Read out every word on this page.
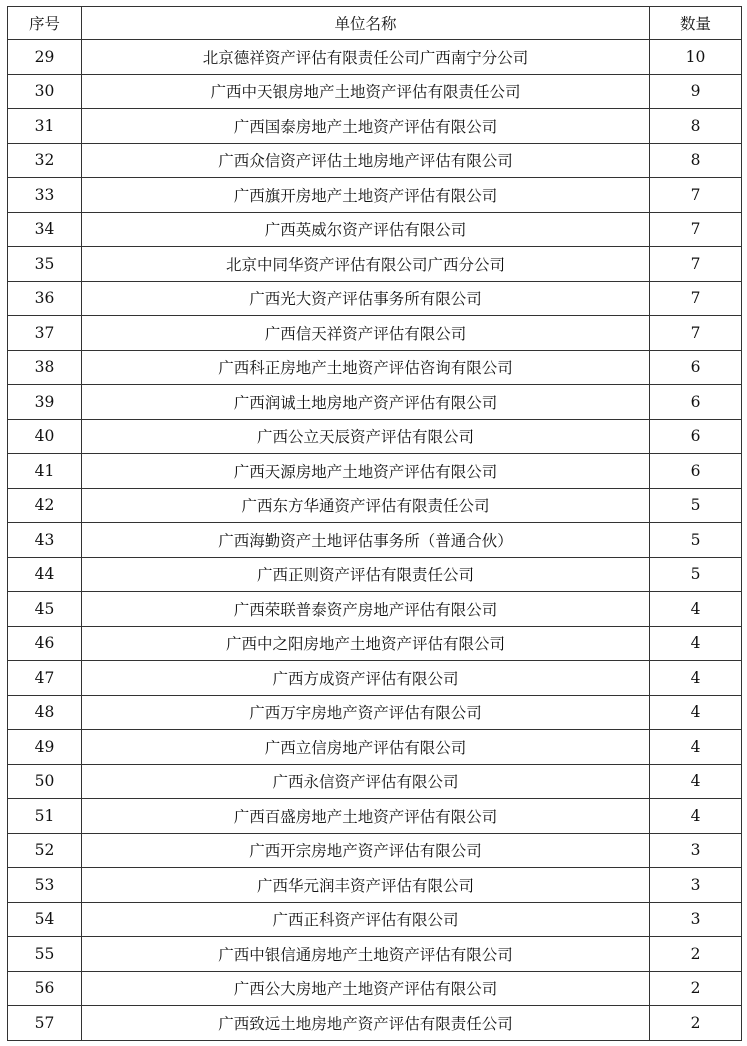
序号	单位名称	数量
29	北京德祥资产评估有限责任公司广西南宁分公司	10
30	广西中天银房地产土地资产评估有限责任公司	9
31	广西国泰房地产土地资产评估有限公司	8
32	广西众信资产评估土地房地产评估有限公司	8
33	广西旗开房地产土地资产评估有限公司	7
34	广西英威尔资产评估有限公司	7
35	北京中同华资产评估有限公司广西分公司	7
36	广西光大资产评估事务所有限公司	7
37	广西信天祥资产评估有限公司	7
38	广西科正房地产土地资产评估咨询有限公司	6
39	广西润诚土地房地产资产评估有限公司	6
40	广西公立天辰资产评估有限公司	6
41	广西天源房地产土地资产评估有限公司	6
42	广西东方华通资产评估有限责任公司	5
43	广西海勤资产土地评估事务所（普通合伙）	5
44	广西正则资产评估有限责任公司	5
45	广西荣联普泰资产房地产评估有限公司	4
46	广西中之阳房地产土地资产评估有限公司	4
47	广西方成资产评估有限公司	4
48	广西万宇房地产资产评估有限公司	4
49	广西立信房地产评估有限公司	4
50	广西永信资产评估有限公司	4
51	广西百盛房地产土地资产评估有限公司	4
52	广西开宗房地产资产评估有限公司	3
53	广西华元润丰资产评估有限公司	3
54	广西正科资产评估有限公司	3
55	广西中银信通房地产土地资产评估有限公司	2
56	广西公大房地产土地资产评估有限公司	2
57	广西致远土地房地产资产评估有限责任公司	2
